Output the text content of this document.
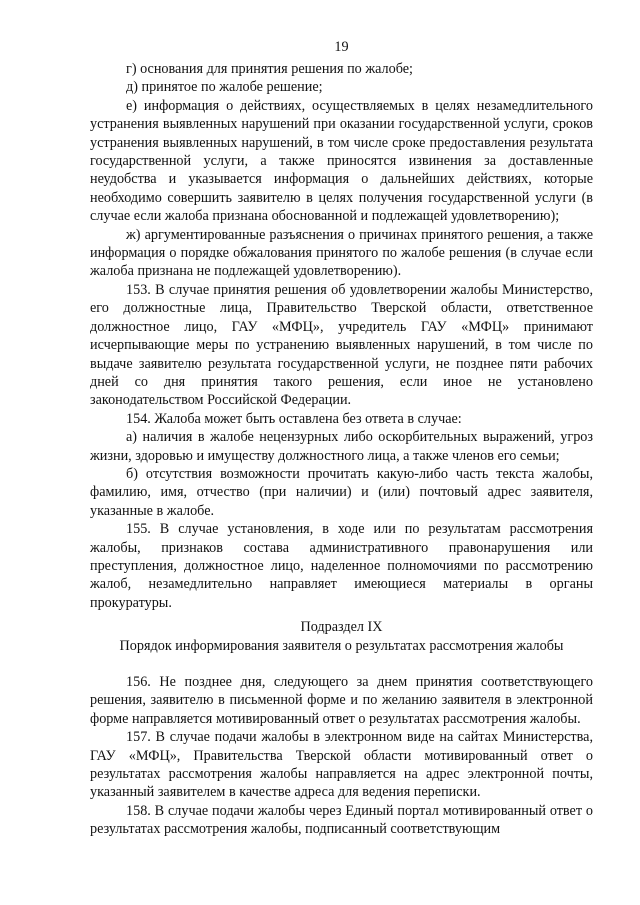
19

г) основания для принятия решения по жалобе;

д) принятое по жалобе решение;

е) информация о действиях, осуществляемых в целях незамедлительного устранения выявленных нарушений при оказании государственной услуги, сроков устранения выявленных нарушений, в том числе сроке предоставления результата государственной услуги, а также приносятся извинения за доставленные неудобства и указывается информация о дальнейших действиях, которые необходимо совершить заявителю в целях получения государственной услуги (в случае если жалоба признана обоснованной и подлежащей удовлетворению);

ж) аргументированные разъяснения о причинах принятого решения, а также информация о порядке обжалования принятого по жалобе решения (в случае если жалоба признана не подлежащей удовлетворению).

153. В случае принятия решения об удовлетворении жалобы Министерство, его должностные лица, Правительство Тверской области, ответственное должностное лицо, ГАУ «МФЦ», учредитель ГАУ «МФЦ» принимают исчерпывающие меры по устранению выявленных нарушений, в том числе по выдаче заявителю результата государственной услуги, не позднее пяти рабочих дней со дня принятия такого решения, если иное не установлено законодательством Российской Федерации.

154. Жалоба может быть оставлена без ответа в случае:

а) наличия в жалобе нецензурных либо оскорбительных выражений, угроз жизни, здоровью и имуществу должностного лица, а также членов его семьи;

б) отсутствия возможности прочитать какую-либо часть текста жалобы, фамилию, имя, отчество (при наличии) и (или) почтовый адрес заявителя, указанные в жалобе.

155. В случае установления, в ходе или по результатам рассмотрения жалобы, признаков состава административного правонарушения или преступления, должностное лицо, наделенное полномочиями по рассмотрению жалоб, незамедлительно направляет имеющиеся материалы в органы прокуратуры.

Подраздел IX

Порядок информирования заявителя о результатах рассмотрения жалобы

156. Не позднее дня, следующего за днем принятия соответствующего решения, заявителю в письменной форме и по желанию заявителя в электронной форме направляется мотивированный ответ о результатах рассмотрения жалобы.

157. В случае подачи жалобы в электронном виде на сайтах Министерства, ГАУ «МФЦ», Правительства Тверской области мотивированный ответ о результатах рассмотрения жалобы направляется на адрес электронной почты, указанный заявителем в качестве адреса для ведения переписки.

158. В случае подачи жалобы через Единый портал мотивированный ответ о результатах рассмотрения жалобы, подписанный соответствующим
